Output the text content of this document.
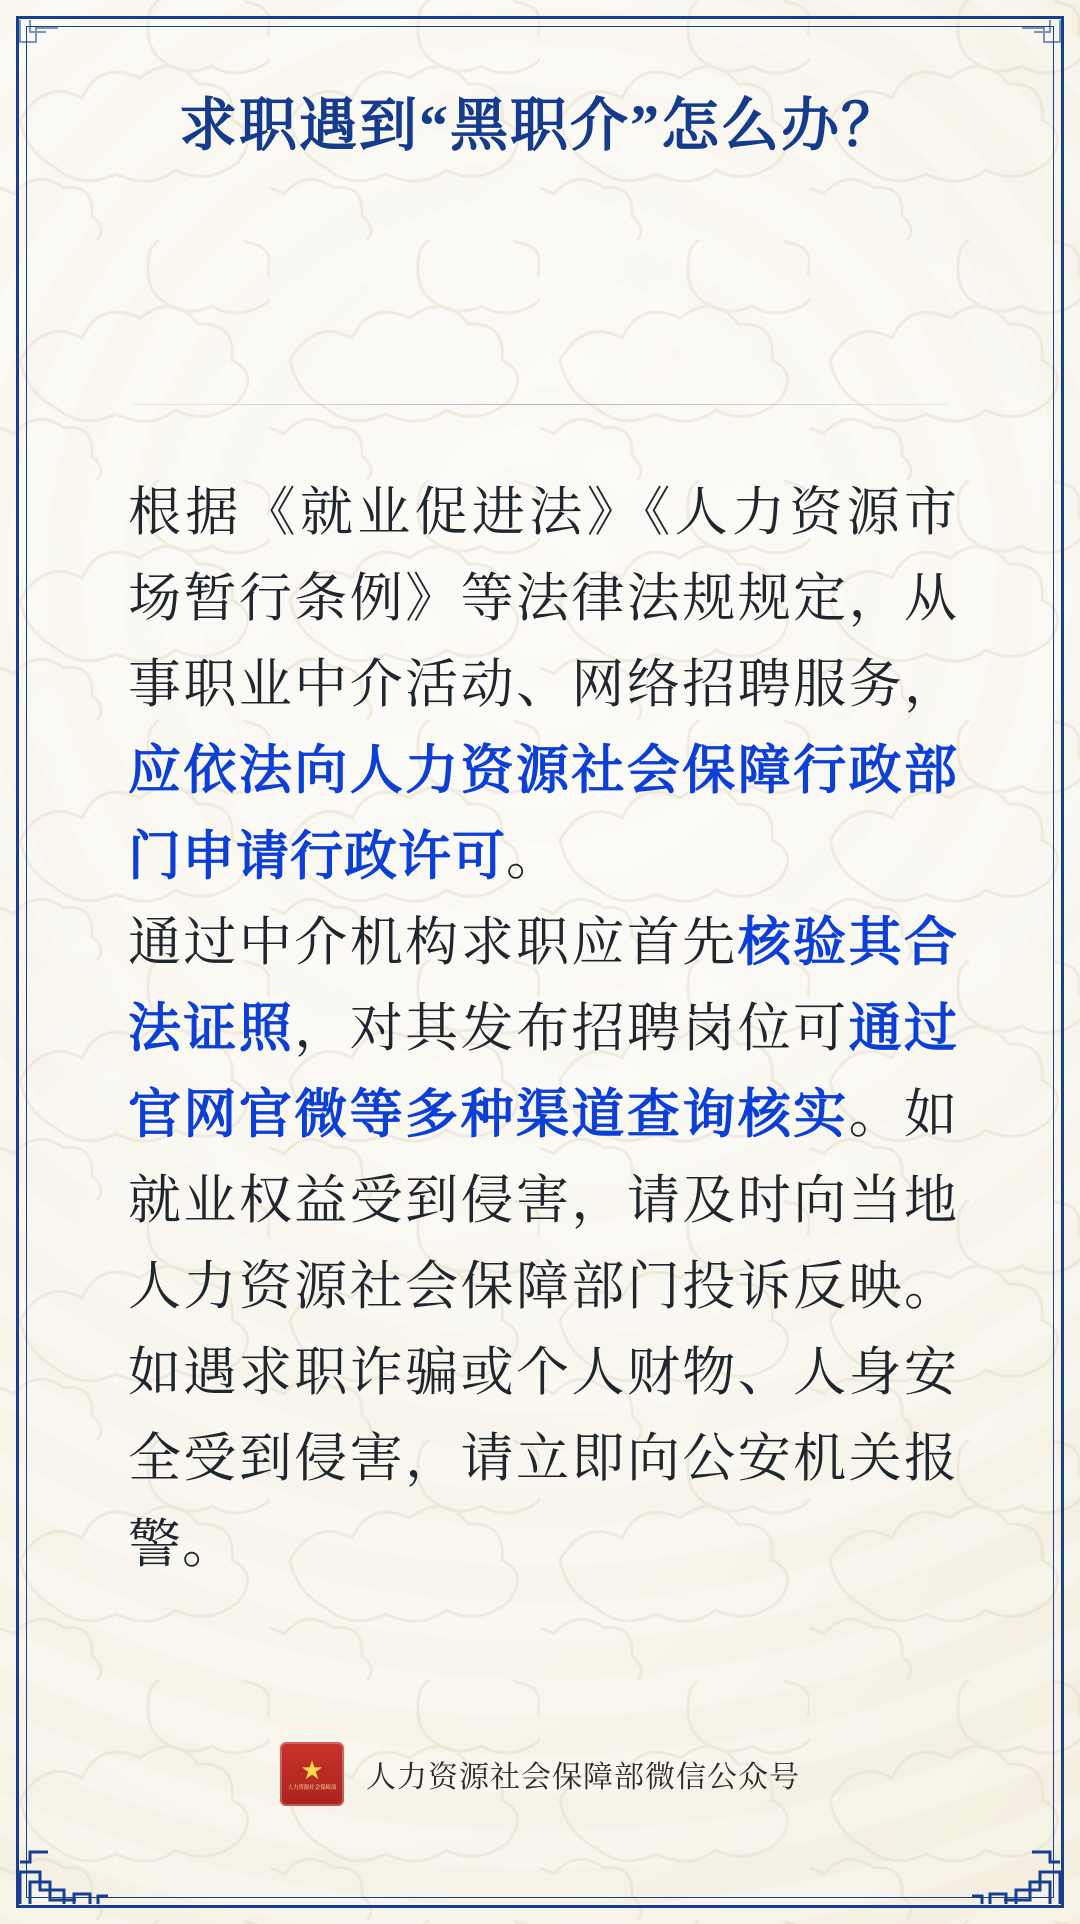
求职遇到“黑职介”怎么办？

根据《就业促进法》《人力资源市场暂行条例》等法律法规规定，从事职业中介活动、网络招聘服务，应依法向人力资源社会保障行政部门申请行政许可。

通过中介机构求职应首先核验其合法证照，对其发布招聘岗位可通过官网官微等多种渠道查询核实。如就业权益受到侵害，请及时向当地人力资源社会保障部门投诉反映。如遇求职诈骗或个人财物、人身安全受到侵害，请立即向公安机关报警。

★
人力资源社会保障部 人力资源社会保障部微信公众号
